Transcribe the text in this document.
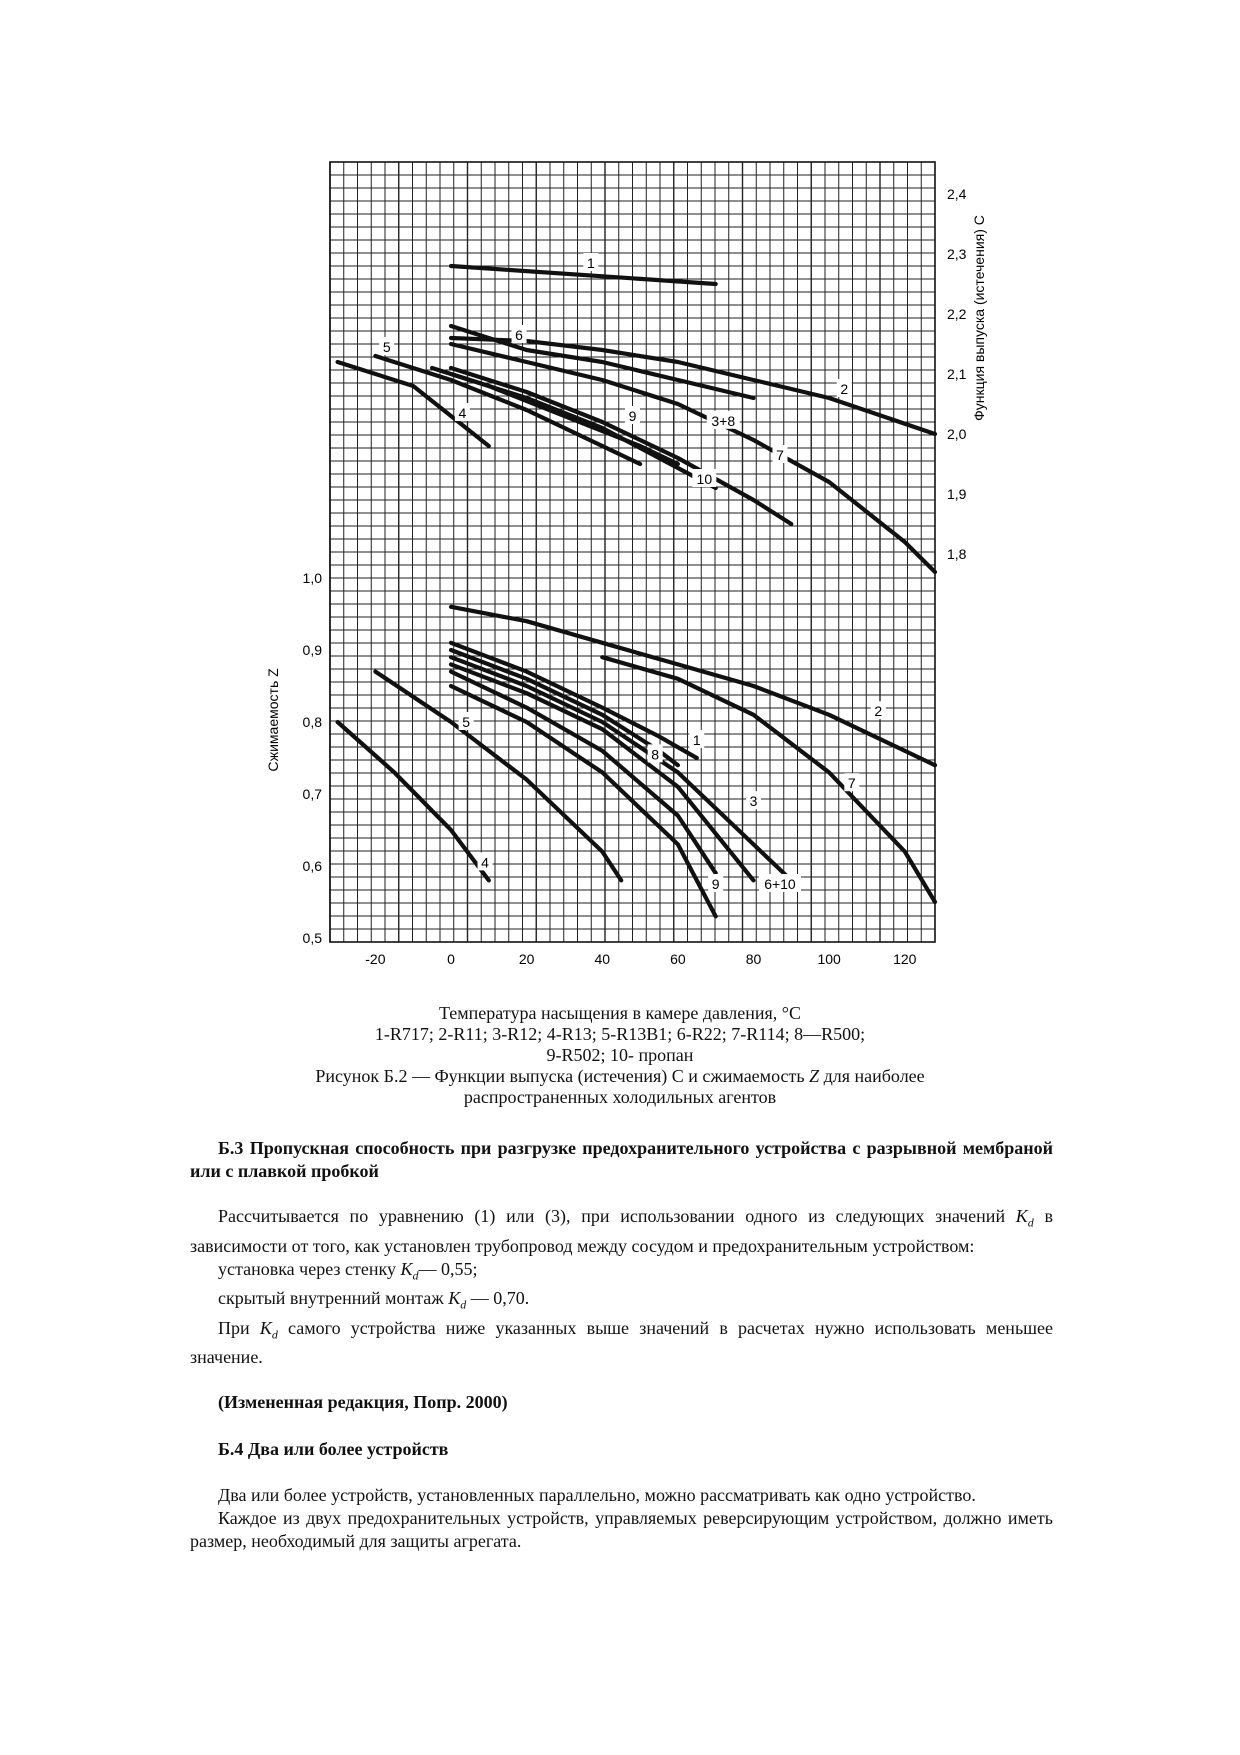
1
2
6
3+8
7
9
10
5
4
2
7
1
8
3
6+10
9
5
4
1,8
1,9
2,0
2,1
2,2
2,3
2,4
0,5
0,6
0,7
0,8
0,9
1,0
-20	0	20	40	60	80	100	120
Функция выпуска (истечения) C
Сжимаемость Z
Температура насыщения в камере давления, °C
1-R717; 2-R11; 3-R12; 4-R13; 5-R13B1; 6-R22; 7-R114; 8—R500;
9-R502; 10- пропан
Рисунок Б.2 — Функции выпуска (истечения) С и сжимаемость Z для наиболее
распространенных холодильных агентов

Б.3 Пропускная способность при разгрузке предохранительного устройства с разрывной мембраной или с плавкой пробкой

Рассчитывается по уравнению (1) или (3), при использовании одного из следующих значений $K_d$ в зависимости от того, как установлен трубопровод между сосудом и предохранительным устройством:

установка через стенку $K_d—$ 0,55;

скрытый внутренний монтаж $K_d$ — 0,70.

При $K_d$ самого устройства ниже указанных выше значений в расчетах нужно использовать меньшее значение.

(Измененная редакция, Попр. 2000)

Б.4 Два или более устройств

Два или более устройств, установленных параллельно, можно рассматривать как одно устройство.

Каждое из двух предохранительных устройств, управляемых реверсирующим устройством, должно иметь размер, необходимый для защиты агрегата.
